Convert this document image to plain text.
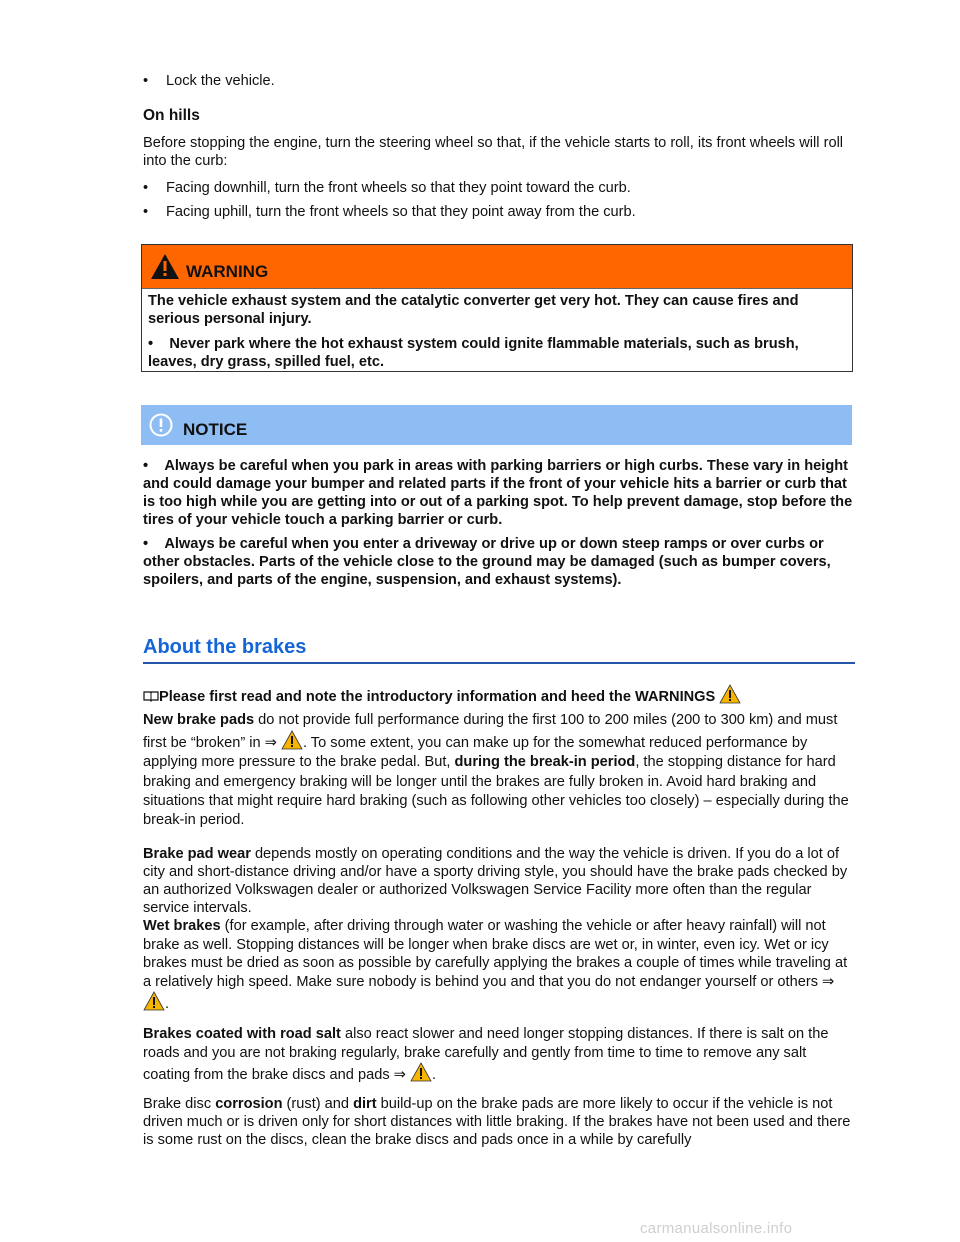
• Lock the vehicle.
On hills
Before stopping the engine, turn the steering wheel so that, if the vehicle starts to roll, its front wheels will roll into the curb:
• Facing downhill, turn the front wheels so that they point toward the curb.
• Facing uphill, turn the front wheels so that they point away from the curb.
WARNING
The vehicle exhaust system and the catalytic converter get very hot. They can cause fires and serious personal injury.
• Never park where the hot exhaust system could ignite flammable materials, such as brush, leaves, dry grass, spilled fuel, etc.
NOTICE
• Always be careful when you park in areas with parking barriers or high curbs. These vary in height and could damage your bumper and related parts if the front of your vehicle hits a barrier or curb that is too high while you are getting into or out of a parking spot. To help prevent damage, stop before the tires of your vehicle touch a parking barrier or curb.
• Always be careful when you enter a driveway or drive up or down steep ramps or over curbs or other obstacles. Parts of the vehicle close to the ground may be damaged (such as bumper covers, spoilers, and parts of the engine, suspension, and exhaust systems).
About the brakes
Please first read and note the introductory information and heed the WARNINGS
New brake pads do not provide full performance during the first 100 to 200 miles (200 to 300 km) and must first be “broken” in ⇒ . To some extent, you can make up for the somewhat reduced performance by applying more pressure to the brake pedal. But, during the break-in period, the stopping distance for hard braking and emergency braking will be longer until the brakes are fully broken in. Avoid hard braking and situations that might require hard braking (such as following other vehicles too closely) – especially during the break-in period.
Brake pad wear depends mostly on operating conditions and the way the vehicle is driven. If you do a lot of city and short-distance driving and/or have a sporty driving style, you should have the brake pads checked by an authorized Volkswagen dealer or authorized Volkswagen Service Facility more often than the regular service intervals.
Wet brakes (for example, after driving through water or washing the vehicle or after heavy rainfall) will not brake as well. Stopping distances will be longer when brake discs are wet or, in winter, even icy. Wet or icy brakes must be dried as soon as possible by carefully applying the brakes a couple of times while traveling at a relatively high speed. Make sure nobody is behind you and that you do not endanger yourself or others ⇒
.
Brakes coated with road salt also react slower and need longer stopping distances. If there is salt on the roads and you are not braking regularly, brake carefully and gently from time to time to remove any salt coating from the brake discs and pads ⇒ .
Brake disc corrosion (rust) and dirt build-up on the brake pads are more likely to occur if the vehicle is not driven much or is driven only for short distances with little braking. If the brakes have not been used and there is some rust on the discs, clean the brake discs and pads once in a while by carefully
carmanualsonline.info
